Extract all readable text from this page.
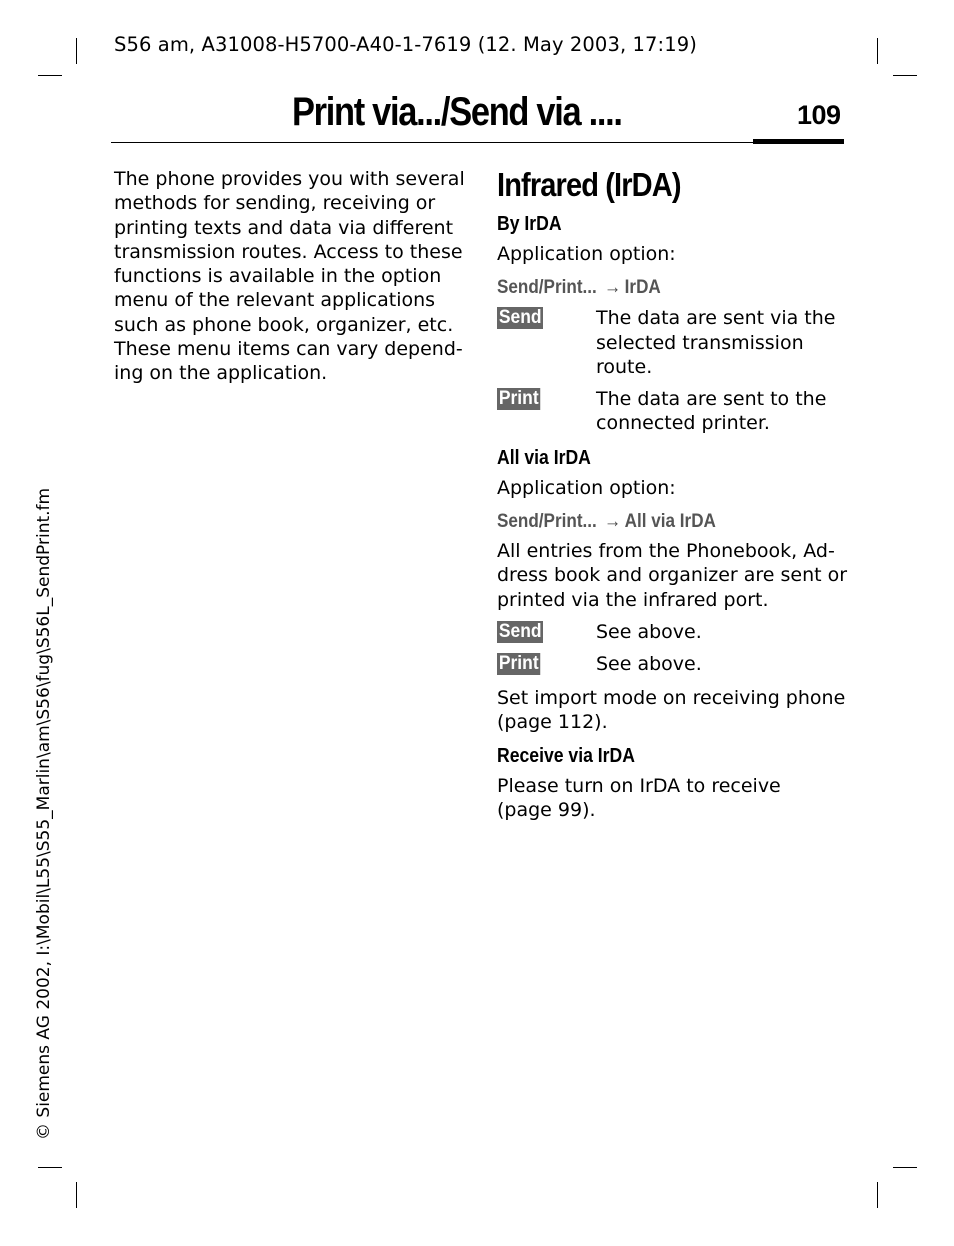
S56 am, A31008-H5700-A40-1-7619 (12. May 2003, 17:19)
Print via.../Send via ....	109

The phone provides you with several

methods for sending, receiving or

printing texts and data via different

transmission routes. Access to these

functions is available in the option

menu of the relevant applications

such as phone book, organizer, etc.

These menu items can vary depend-

ing on the application.

Infrared (IrDA)

By IrDA

Application option:

Send/Print... → IrDA

Send	The data are sent via the
selected transmission
route.
Print	The data are sent to the
connected printer.

All via IrDA

Application option:

Send/Print... → All via IrDA

All entries from the Phonebook, Ad-

dress book and organizer are sent or

printed via the infrared port.

Send	See above.
Print	See above.

Set import mode on receiving phone

(page 112).

Receive via IrDA

Please turn on IrDA to receive

(page 99).

© Siemens AG 2002, I:\Mobil\L55\S55_Marlin\am\S56\fug\S56L_SendPrint.fm
